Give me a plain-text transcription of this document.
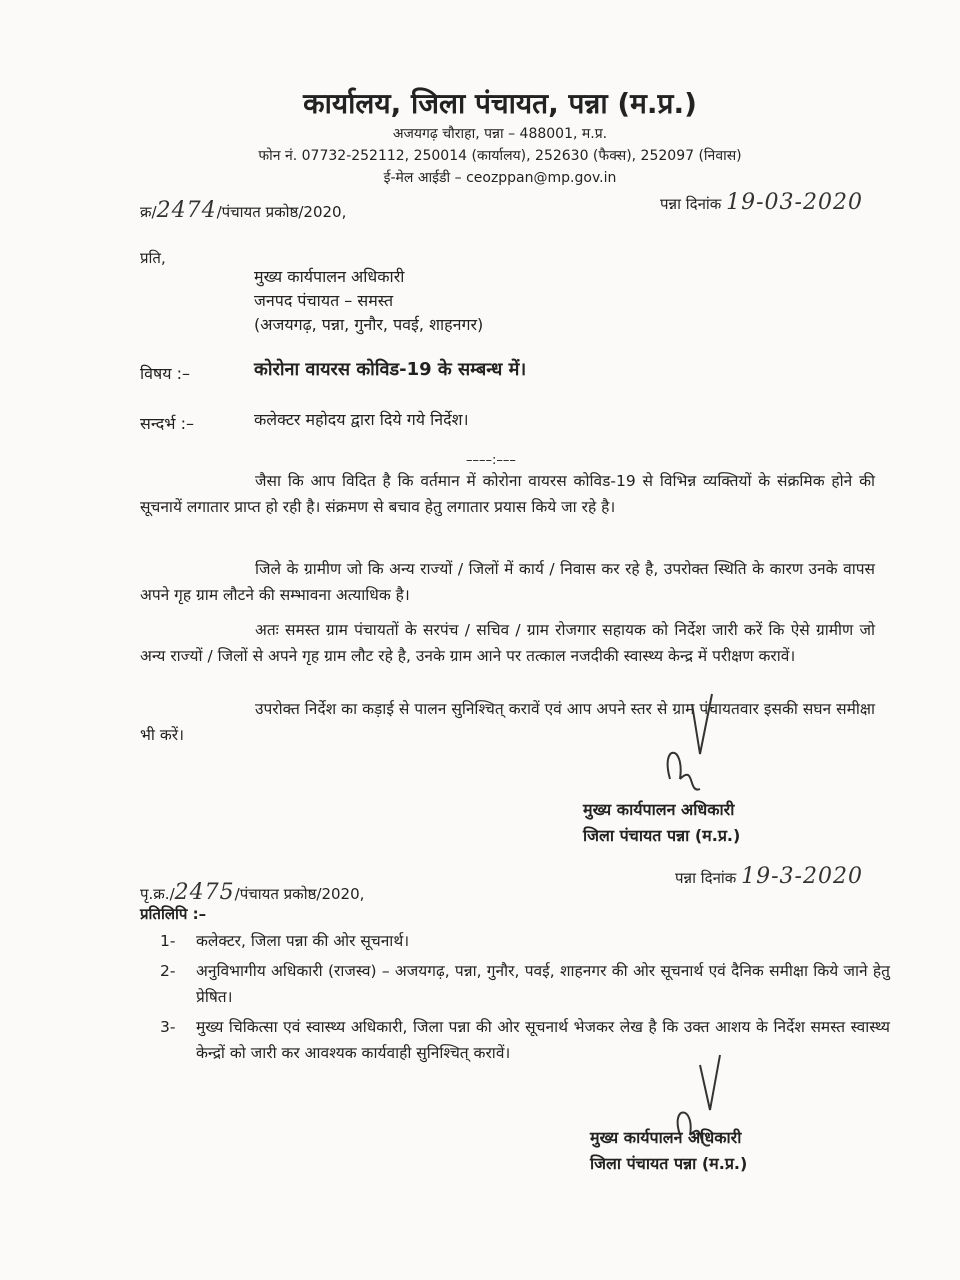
कार्यालय, जिला पंचायत, पन्ना (म.प्र.)
अजयगढ़ चौराहा, पन्ना – 488001, म.प्र.
फोन नं. 07732-252112, 250014 (कार्यालय), 252630 (फैक्स), 252097 (निवास)
ई-मेल आईडी – ceozppan@mp.gov.in
क्र/2474/पंचायत प्रकोष्ठ/2020,	पन्ना दिनांक 19-03-2020
प्रति,
मुख्य कार्यपालन अधिकारी
जनपद पंचायत – समस्त
(अजयगढ़, पन्ना, गुनौर, पवई, शाहनगर)
विषय :–	कोरोना वायरस कोविड-19 के सम्बन्ध में।
सन्दर्भ :–	कलेक्टर महोदय द्वारा दिये गये निर्देश।
––––:–––
जैसा कि आप विदित है कि वर्तमान में कोरोना वायरस कोविड-19 से विभिन्न व्यक्तियों के संक्रमिक होने की सूचनायें लगातार प्राप्त हो रही है। संक्रमण से बचाव हेतु लगातार प्रयास किये जा रहे है।
जिले के ग्रामीण जो कि अन्य राज्यों / जिलों में कार्य / निवास कर रहे है, उपरोक्त स्थिति के कारण उनके वापस अपने गृह ग्राम लौटने की सम्भावना अत्याधिक है।
अतः समस्त ग्राम पंचायतों के सरपंच / सचिव / ग्राम रोजगार सहायक को निर्देश जारी करें कि ऐसे ग्रामीण जो अन्य राज्यों / जिलों से अपने गृह ग्राम लौट रहे है, उनके ग्राम आने पर तत्काल नजदीकी स्वास्थ्य केन्द्र में परीक्षण करावें।
उपरोक्त निर्देश का कड़ाई से पालन सुनिश्चित् करावें एवं आप अपने स्तर से ग्राम पंचायतवार इसकी सघन समीक्षा भी करें।
मुख्य कार्यपालन अधिकारी
जिला पंचायत पन्ना (म.प्र.)
पृ.क्र./2475/पंचायत प्रकोष्ठ/2020,
पन्ना दिनांक 19-3-2020
प्रतिलिपि :–
1-	कलेक्टर, जिला पन्ना की ओर सूचनार्थ।
2-	अनुविभागीय अधिकारी (राजस्व) – अजयगढ़, पन्ना, गुनौर, पवई, शाहनगर की ओर सूचनार्थ एवं दैनिक समीक्षा किये जाने हेतु प्रेषित।
3-	मुख्य चिकित्सा एवं स्वास्थ्य अधिकारी, जिला पन्ना की ओर सूचनार्थ भेजकर लेख है कि उक्त आशय के निर्देश समस्त स्वास्थ्य केन्द्रों को जारी कर आवश्यक कार्यवाही सुनिश्चित् करावें।
मुख्य कार्यपालन अधिकारी
जिला पंचायत पन्ना (म.प्र.)
